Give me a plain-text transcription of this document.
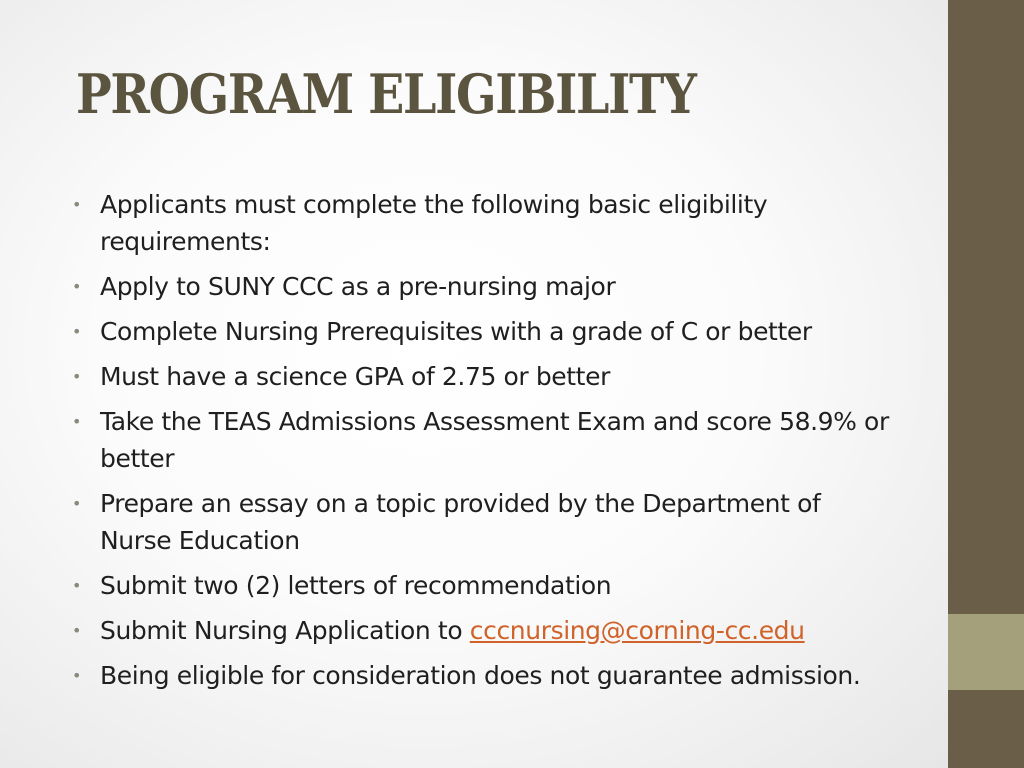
PROGRAM ELIGIBILITY
• Applicants must complete the following basic eligibility requirements:
• Apply to SUNY CCC as a pre-nursing major
• Complete Nursing Prerequisites with a grade of C or better
• Must have a science GPA of 2.75 or better
• Take the TEAS Admissions Assessment Exam and score 58.9% or better
• Prepare an essay on a topic provided by the Department of Nurse Education
• Submit two (2) letters of recommendation
• Submit Nursing Application to cccnursing@corning-cc.edu
• Being eligible for consideration does not guarantee admission.
